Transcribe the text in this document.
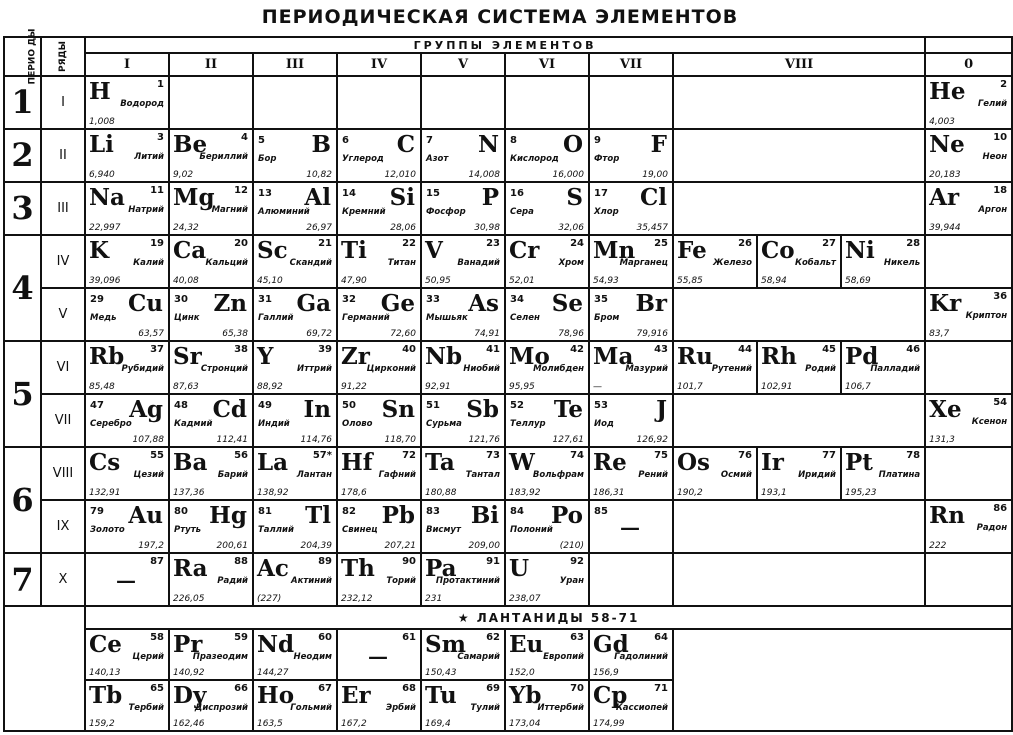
ПЕРИОДИЧЕСКАЯ СИСТЕМА ЭЛЕМЕНТОВ
ПЕРИО ДЫ	РЯДЫ	ГРУППЫ ЭЛЕМЕНТОВ										
		I	II	III	IV	V	VI	VII	VIII			0
1	I	H 1
Водород
1,008										He 2
Гелий
4,003

2	II	Li 3
Литий
6,940	Be 4
Бериллий
9,02	B
5
Бор
10,82	C
6
Углерод
12,010	N
7
Азот
14,008	O
8
Кислород
16,000	F
9
Фтор
19,00				Ne 10
Неон
20,183

3	III	Na 11
Натрий
22,997	Mg 12
Магний
24,32	Al
13
Алюминий
26,97	Si
14
Кремний
28,06	P
15
Фосфор
30,98	S
16
Сера
32,06	Cl
17
Хлор
35,457				Ar 18
Аргон
39,944

4	IV	K 19
Калий
39,096	Ca 20
Кальций
40,08	Sc 21
Скандий
45,10	Ti 22
Титан
47,90	V 23
Ванадий
50,95	Cr 24
Хром
52,01	Mn 25
Марганец
54,93	Fe 26
Железо
55,85	Co 27
Кобальт
58,94	Ni 28
Никель
58,69	

	V	Cu
29
Медь
63,57	Zn
30
Цинк
65,38	Ga
31
Галлий
69,72	Ge
32
Германий
72,60	As
33
Мышьяк
74,91	Se
34
Селен
78,96	Br
35
Бром
79,916				Kr 36
Криптон
83,7

5	VI	Rb 37
Рубидий
85,48	Sr 38
Стронций
87,63	Y 39
Иттрий
88,92	Zr 40
Цирконий
91,22	Nb 41
Ниобий
92,91	Mo 42
Молибден
95,95	Ma 43
Мазурий
—	Ru 44
Рутений
101,7	Rh 45
Родий
102,91	Pd 46
Палладий
106,7	

	VII	Ag
47
Серебро
107,88	Cd
48
Кадмий
112,41	In
49
Индий
114,76	Sn
50
Олово
118,70	Sb
51
Сурьма
121,76	Te
52
Теллур
127,61	J
53
Иод
126,92				Xe 54
Ксенон
131,3

6	VIII	Cs 55
Цезий
132,91	Ba 56
Барий
137,36	La 57*
Лантан
138,92	Hf 72
Гафний
178,6	Ta 73
Тантал
180,88	W 74
Вольфрам
183,92	Re 75
Рений
186,31	Os 76
Осмий
190,2	Ir 77
Иридий
193,1	Pt 78
Платина
195,23	

	IX	Au
79
Золото
197,2	Hg
80
Ртуть
200,61	Tl
81
Таллий
204,39	Pb
82
Свинец
207,21	Bi
83
Висмут
209,00	Po
84
Полоний
(210)	—
85				Rn 86
Радон
222

7	X	—
87	Ra 88
Радий
226,05	Ac 89
Актиний
(227)	Th 90
Торий
232,12	Pa 91
Протактиний
231	U 92
Уран
238,07					

		★ ЛАНТАНИДЫ 58-71										

		Ce 58
Церий
140,13	Pr 59
Празеодим
140,92	Nd 60
Неодим
144,27	—
61	Sm 62
Самарий
150,43	Eu 63
Европий
152,0	Gd 64
Гадолиний
156,9				

		Tb 65
Тербий
159,2	Dy 66
Диспрозий
162,46	Ho 67
Гольмий
163,5	Er 68
Эрбий
167,2	Tu 69
Тулий
169,4	Yb 70
Иттербий
173,04	Cp 71
Кассиопей
174,99				
